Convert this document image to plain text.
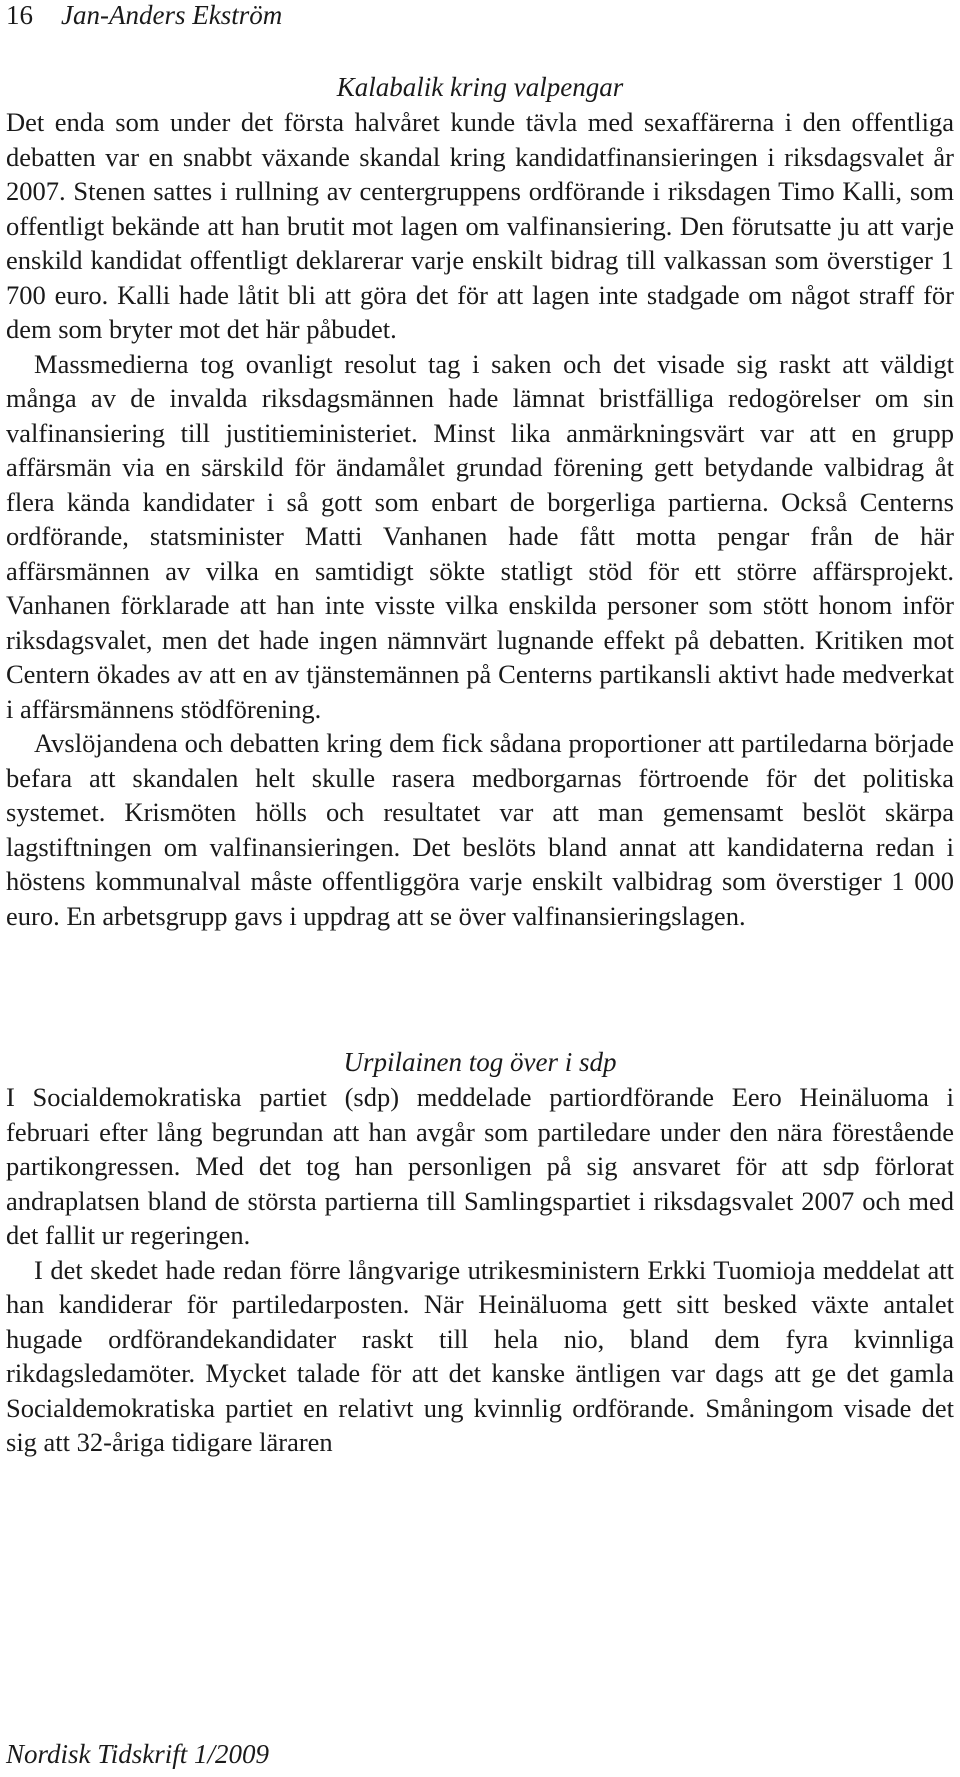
16 Jan-Anders Ekström
Kalabalik kring valpengar

Det enda som under det första halvåret kunde tävla med sexaffärerna i den offentliga debatten var en snabbt växande skandal kring kandidatfinansieringen i riksdagsvalet år 2007. Stenen sattes i rullning av centergruppens ordförande i riksdagen Timo Kalli, som offentligt bekände att han brutit mot lagen om valfinansiering. Den förutsatte ju att varje enskild kandidat offentligt deklarerar varje enskilt bidrag till valkassan som överstiger 1 700 euro. Kalli hade låtit bli att göra det för att lagen inte stadgade om något straff för dem som bryter mot det här påbudet.

Massmedierna tog ovanligt resolut tag i saken och det visade sig raskt att väldigt många av de invalda riksdagsmännen hade lämnat bristfälliga redogörelser om sin valfinansiering till justitieministeriet. Minst lika anmärkningsvärt var att en grupp affärsmän via en särskild för ändamålet grundad förening gett betydande valbidrag åt flera kända kandidater i så gott som enbart de borgerliga partierna. Också Centerns ordförande, statsminister Matti Vanhanen hade fått motta pengar från de här affärsmännen av vilka en samtidigt sökte statligt stöd för ett större affärsprojekt. Vanhanen förklarade att han inte visste vilka enskilda personer som stött honom inför riksdagsvalet, men det hade ingen nämnvärt lugnande effekt på debatten. Kritiken mot Centern ökades av att en av tjänstemännen på Centerns partikansli aktivt hade medverkat i affärsmännens stödförening.

Avslöjandena och debatten kring dem fick sådana proportioner att partiledarna började befara att skandalen helt skulle rasera medborgarnas förtroende för det politiska systemet. Krismöten hölls och resultatet var att man gemensamt beslöt skärpa lagstiftningen om valfinansieringen. Det beslöts bland annat att kandidaterna redan i höstens kommunalval måste offentliggöra varje enskilt valbidrag som överstiger 1 000 euro. En arbetsgrupp gavs i uppdrag att se över valfinansieringslagen.

Urpilainen tog över i sdp

I Socialdemokratiska partiet (sdp) meddelade partiordförande Eero Heinäluoma i februari efter lång begrundan att han avgår som partiledare under den nära förestående partikongressen. Med det tog han personligen på sig ansvaret för att sdp förlorat andraplatsen bland de största partierna till Samlingspartiet i riksdagsvalet 2007 och med det fallit ur regeringen.

I det skedet hade redan förre långvarige utrikesministern Erkki Tuomioja meddelat att han kandiderar för partiledarposten. När Heinäluoma gett sitt besked växte antalet hugade ordförandekandidater raskt till hela nio, bland dem fyra kvinnliga rikdagsledamöter. Mycket talade för att det kanske äntligen var dags att ge det gamla Socialdemokratiska partiet en relativt ung kvinnlig ordförande. Småningom visade det sig att 32-åriga tidigare läraren

Nordisk Tidskrift 1/2009
